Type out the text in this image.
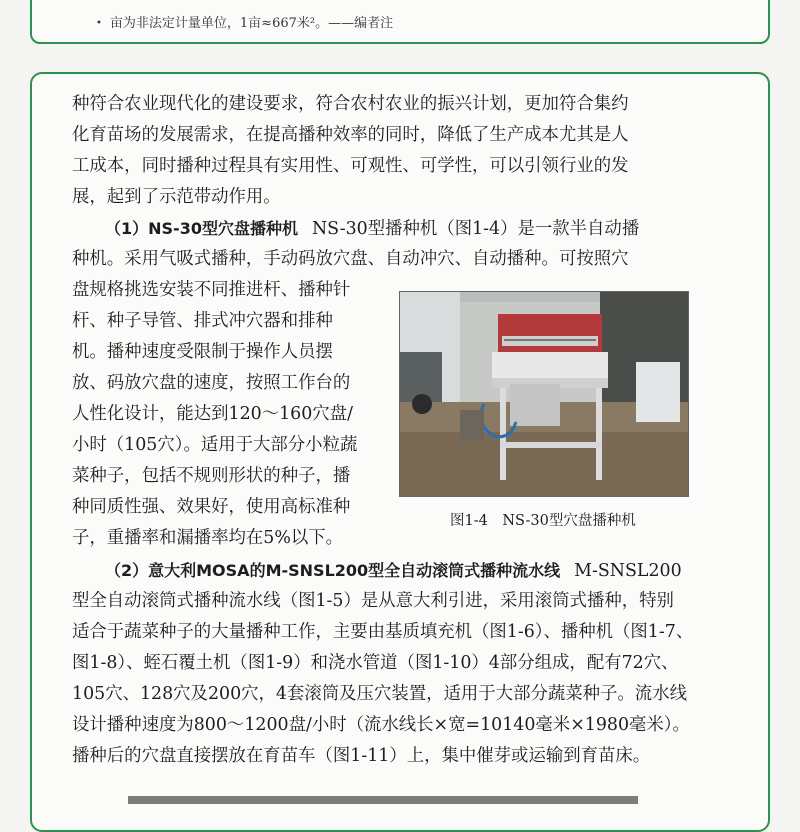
• 亩为非法定计量单位，1亩≈667米²。——编者注
种符合农业现代化的建设要求，符合农村农业的振兴计划，更加符合集约
化育苗场的发展需求，在提高播种效率的同时，降低了生产成本尤其是人
工成本，同时播种过程具有实用性、可观性、可学性，可以引领行业的发
展，起到了示范带动作用。
（1）NS-30型穴盘播种机 NS-30型播种机（图1-4）是一款半自动播
种机。采用气吸式播种，手动码放穴盘、自动冲穴、自动播种。可按照穴
盘规格挑选安装不同推进杆、播种针
杆、种子导管、排式冲穴器和排种
机。播种速度受限制于操作人员摆
放、码放穴盘的速度，按照工作台的
人性化设计，能达到120～160穴盘/
小时（105穴）。适用于大部分小粒蔬
菜种子，包括不规则形状的种子，播
种同质性强、效果好，使用高标准种
子，重播率和漏播率均在5%以下。
图1-4　NS-30型穴盘播种机
（2）意大利MOSA的M-SNSL200型全自动滚筒式播种流水线 M-SNSL200
型全自动滚筒式播种流水线（图1-5）是从意大利引进，采用滚筒式播种，特别
适合于蔬菜种子的大量播种工作，主要由基质填充机（图1-6）、播种机（图1-7、
图1-8）、蛭石覆土机（图1-9）和浇水管道（图1-10）4部分组成，配有72穴、
105穴、128穴及200穴，4套滚筒及压穴装置，适用于大部分蔬菜种子。流水线
设计播种速度为800～1200盘/小时（流水线长×宽=10140毫米×1980毫米）。
播种后的穴盘直接摆放在育苗车（图1-11）上，集中催芽或运输到育苗床。
